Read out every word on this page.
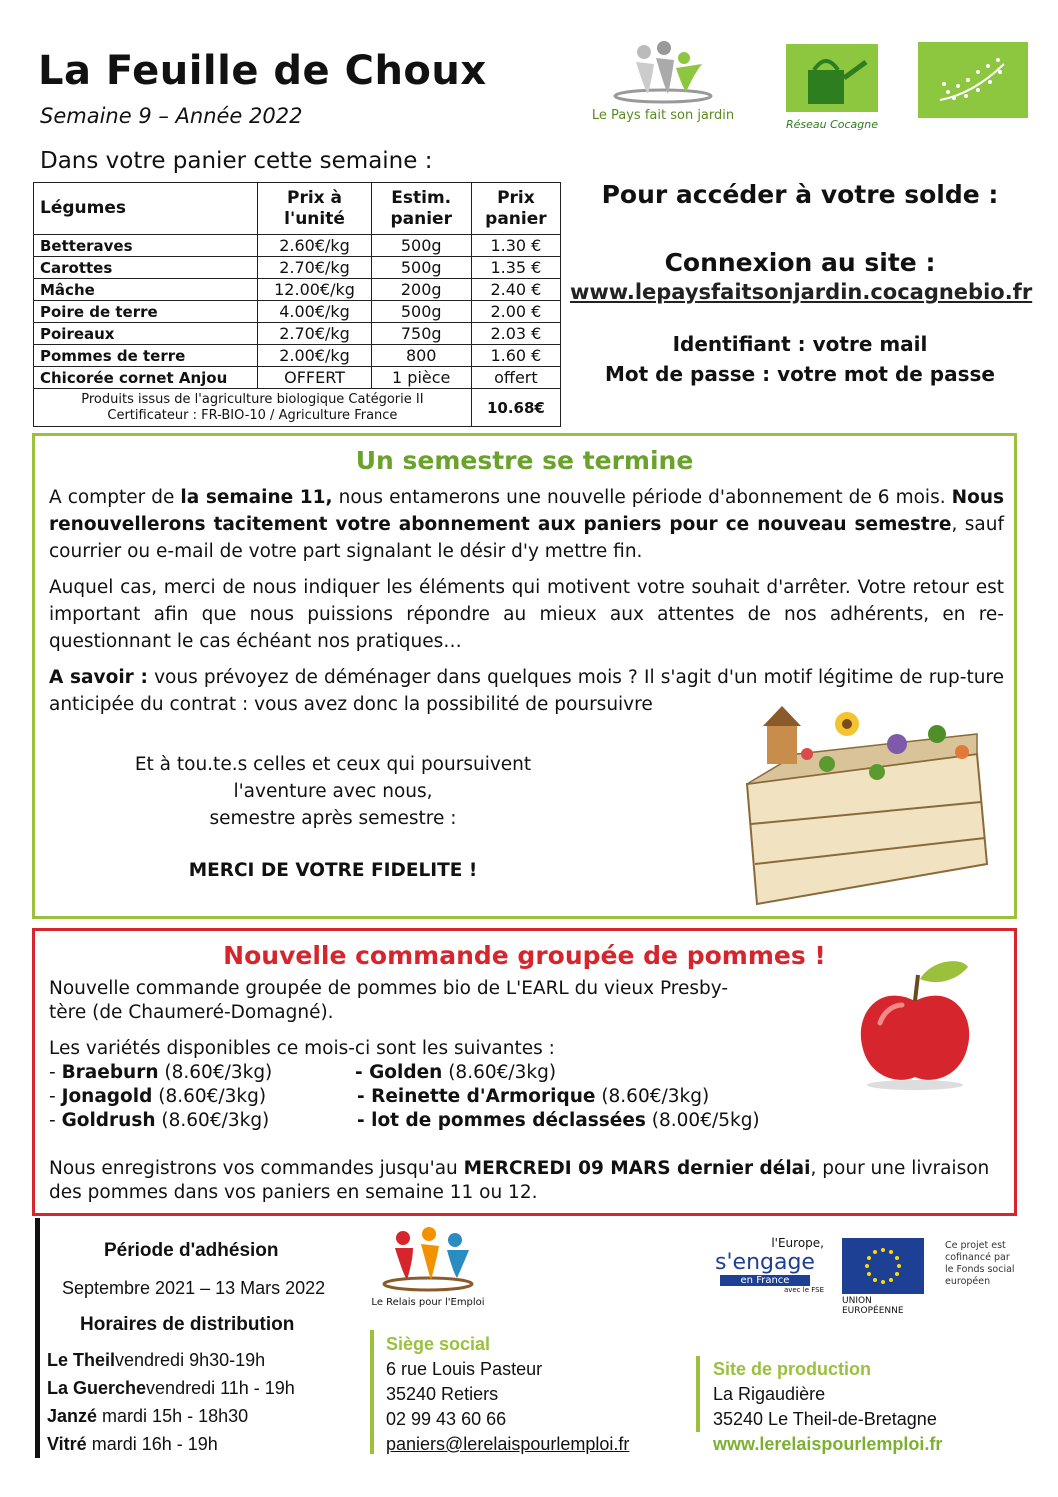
La Feuille de Choux
Semaine 9 – Année 2022
Dans votre panier cette semaine :
Le Pays fait son jardin
Réseau Cocagne
Légumes	Prix à l'unité	Estim. panier	Prix panier
Betteraves	2.60€/kg	500g	1.30 €
Carottes	2.70€/kg	500g	1.35 €
Mâche	12.00€/kg	200g	2.40 €
Poire de terre	4.00€/kg	500g	2.00 €
Poireaux	2.70€/kg	750g	2.03 €
Pommes de terre	2.00€/kg	800	1.60 €
Chicorée cornet Anjou	OFFERT	1 pièce	offert

Produits issus de l'agriculture biologique Catégorie II
Certificateur : FR-BIO-10 / Agriculture France			10.68€
Pour accéder à votre solde :
Connexion au site :
www.lepaysfaitsonjardin.cocagnebio.fr
Identifiant : votre mail
Mot de passe : votre mot de passe
Un semestre se termine

A compter de la semaine 11, nous entamerons une nouvelle période d'abonnement de 6 mois. Nous renouvellerons tacitement votre abonnement aux paniers pour ce nouveau semestre, sauf courrier ou e-mail de votre part signalant le désir d'y mettre fin.

Auquel cas, merci de nous indiquer les éléments qui motivent votre souhait d'arrêter. Votre retour est important afin que nous puissions répondre au mieux aux attentes de nos adhérents, en re-questionnant le cas échéant nos pratiques…

A savoir : vous prévoyez de déménager dans quelques mois ? Il s'agit d'un motif légitime de rup-ture anticipée du contrat : vous avez donc la possibilité de poursuivre

Et à tou.te.s celles et ceux qui poursuivent
l'aventure avec nous,
semestre après semestre :
MERCI DE VOTRE FIDELITE !
Nouvelle commande groupée de pommes !

Nouvelle commande groupée de pommes bio de L'EARL du vieux Presby-tère (de Chaumeré-Domagné).

Les variétés disponibles ce mois-ci sont les suivantes :

- Braeburn (8.60€/3kg)

- Jonagold (8.60€/3kg)

- Goldrush (8.60€/3kg)

- Golden (8.60€/3kg)

- Reinette d'Armorique (8.60€/3kg)

- lot de pommes déclassées (8.00€/5kg)

Nous enregistrons vos commandes jusqu'au MERCREDI 09 MARS dernier délai, pour une livraison des pommes dans vos paniers en semaine 11 ou 12.

Période d'adhésion
Septembre 2021 – 13 Mars 2022
Horaires de distribution
Le Theilvendredi 9h30-19h
La Guerchevendredi 11h - 19h
Janzé mardi 15h - 18h30
Vitré mardi 16h - 19h
Le Relais pour l'Emploi
Siège social
6 rue Louis Pasteur
35240 Retiers
02 99 43 60 66
paniers@lerelaispourlemploi.fr
Site de production
La Rigaudière
35240 Le Theil-de-Bretagne
www.lerelaispourlemploi.fr
l'Europe,
s'engage
en France
avec le FSE
UNION EUROPÉENNE
Ce projet est cofinancé par le Fonds social européen
